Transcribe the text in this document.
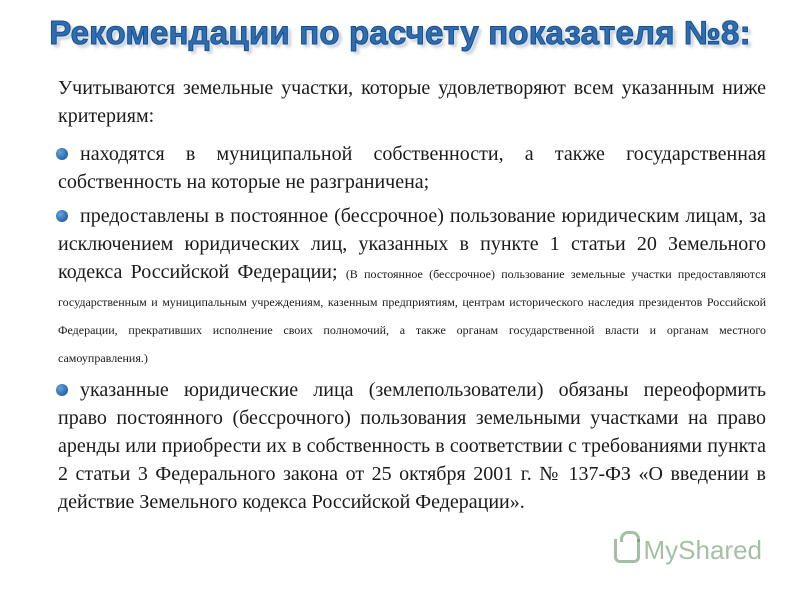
Рекомендации по расчету показателя №8:

Учитываются земельные участки, которые удовлетворяют всем указанным ниже критериям:

находятся в муниципальной собственности, а также государственная собственность на которые не разграничена;
предоставлены в постоянное (бессрочное) пользование юридическим лицам, за исключением юридических лиц, указанных в пункте 1 статьи 20 Земельного кодекса Российской Федерации; (В постоянное (бессрочное) пользование земельные участки предоставляются государственным и муниципальным учреждениям, казенным предприятиям, центрам исторического наследия президентов Российской Федерации, прекративших исполнение своих полномочий, а также органам государственной власти и органам местного самоуправления.)
указанные юридические лица (землепользователи) обязаны переоформить право постоянного (бессрочного) пользования земельными участками на право аренды или приобрести их в собственность в соответствии с требованиями пункта 2 статьи 3 Федерального закона от 25 октября 2001 г. № 137-ФЗ «О введении в действие Земельного кодекса Российской Федерации».
MyShared
